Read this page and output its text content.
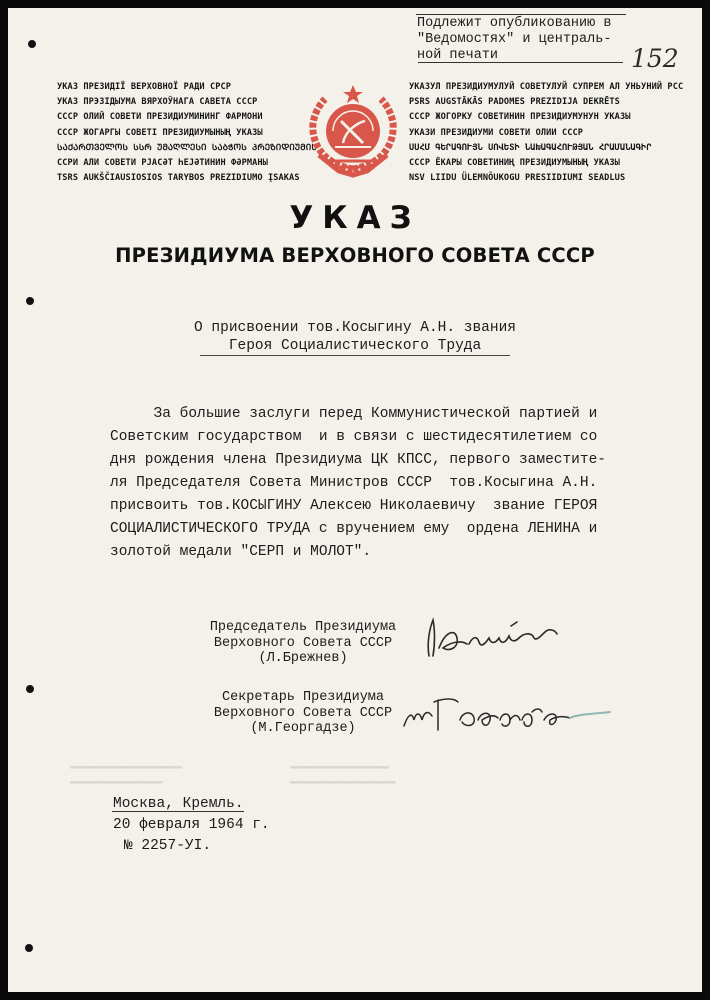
▬▬▬▬▬▬▬▬▬▬▬▬▬▬▬▬▬
▬▬▬▬▬▬▬▬▬▬▬▬▬▬
▬▬▬▬▬▬▬▬▬▬▬▬▬▬▬
▬▬▬▬▬▬▬▬▬▬▬▬▬▬▬▬
Подлежит опубликованию в
"Ведомостях" и централь-
ной печати	152
УКАЗ ПРЕЗИДІЇ ВЕРХОВНОЇ РАДИ СРСР
УКАЗ ПРЭЗІДЫУМА ВЯРХОЎНАГА САВЕТА СССР
СССР ОЛИЙ СОВЕТИ ПРЕЗИДИУМИНИНГ ФАРМОНИ
СССР ЖОГАРГЫ СОВЕТІ ПРЕЗИДИУМЫНЫҢ УКАЗЫ
ᲡᲐᲥᲐᲠᲗᲕᲔᲚᲝᲡ ᲡᲡᲠ ᲣᲛᲐᲦᲚᲔᲡᲘ ᲡᲐᲑᲭᲝᲡ ᲞᲠᲔᲖᲘᲓᲘᲣᲛᲘᲡ
ССРИ АЛИ СОВЕТИ РЈАСӘТ ҺЕЈӘТИНИН ФӘРМАНЫ
TSRS AUKŠČIAUSIOSIOS TARYBOS PREZIDIUMO ĮSAKAS
УКАЗУЛ ПРЕЗИДИУМУЛУЙ СОВЕТУЛУЙ СУПРЕМ АЛ УНЬУНИЙ РСС
PSRS AUGSTĀKĀS PADOMES PREZIDIJA DEKRĒTS
СССР ЖОГОРКУ СОВЕТИНИН ПРЕЗИДИУМУНУН УКАЗЫ
УКАЗИ ПРЕЗИДИУМИ СОВЕТИ ОЛИИ СССР
ՍՍՀՄ ԳԵՐԱԳՈՒՅՆ ՍՈՎԵՏԻ ՆԱԽԱԳԱՀՈՒԹՅԱՆ ՀՐԱՄԱՆԱԳԻՐ
СССР ЁКАРЫ СОВЕТИНИҢ ПРЕЗИДИУМЫНЫҢ УКАЗЫ
NSV LIIDU ÜLEMNÕUKOGU PRESIIDIUMI SEADLUS
УКАЗ
ПРЕЗИДИУМА ВЕРХОВНОГО СОВЕТА СССР
О присвоении тов.Косыгину А.Н. звания
Героя Социалистического Труда
За большие заслуги перед Коммунистической партией и
Советским государством  и в связи с шестидесятилетием со
дня рождения члена Президиума ЦК КПСС, первого заместите-
ля Председателя Совета Министров СССР  тов.Косыгина А.Н.
присвоить тов.КОСЫГИНУ Алексею Николаевичу  звание ГЕРОЯ
СОЦИАЛИСТИЧЕСКОГО ТРУДА с вручением ему  ордена ЛЕНИНА и
золотой медали "СЕРП и МОЛОТ".
Председатель Президиума
Верховного Совета СССР
(Л.Брежнев)
Секретарь Президиума
Верховного Совета СССР
(М.Георгадзе)
Москва, Кремль.
20 февраля 1964 г.
№ 2257-УI.
